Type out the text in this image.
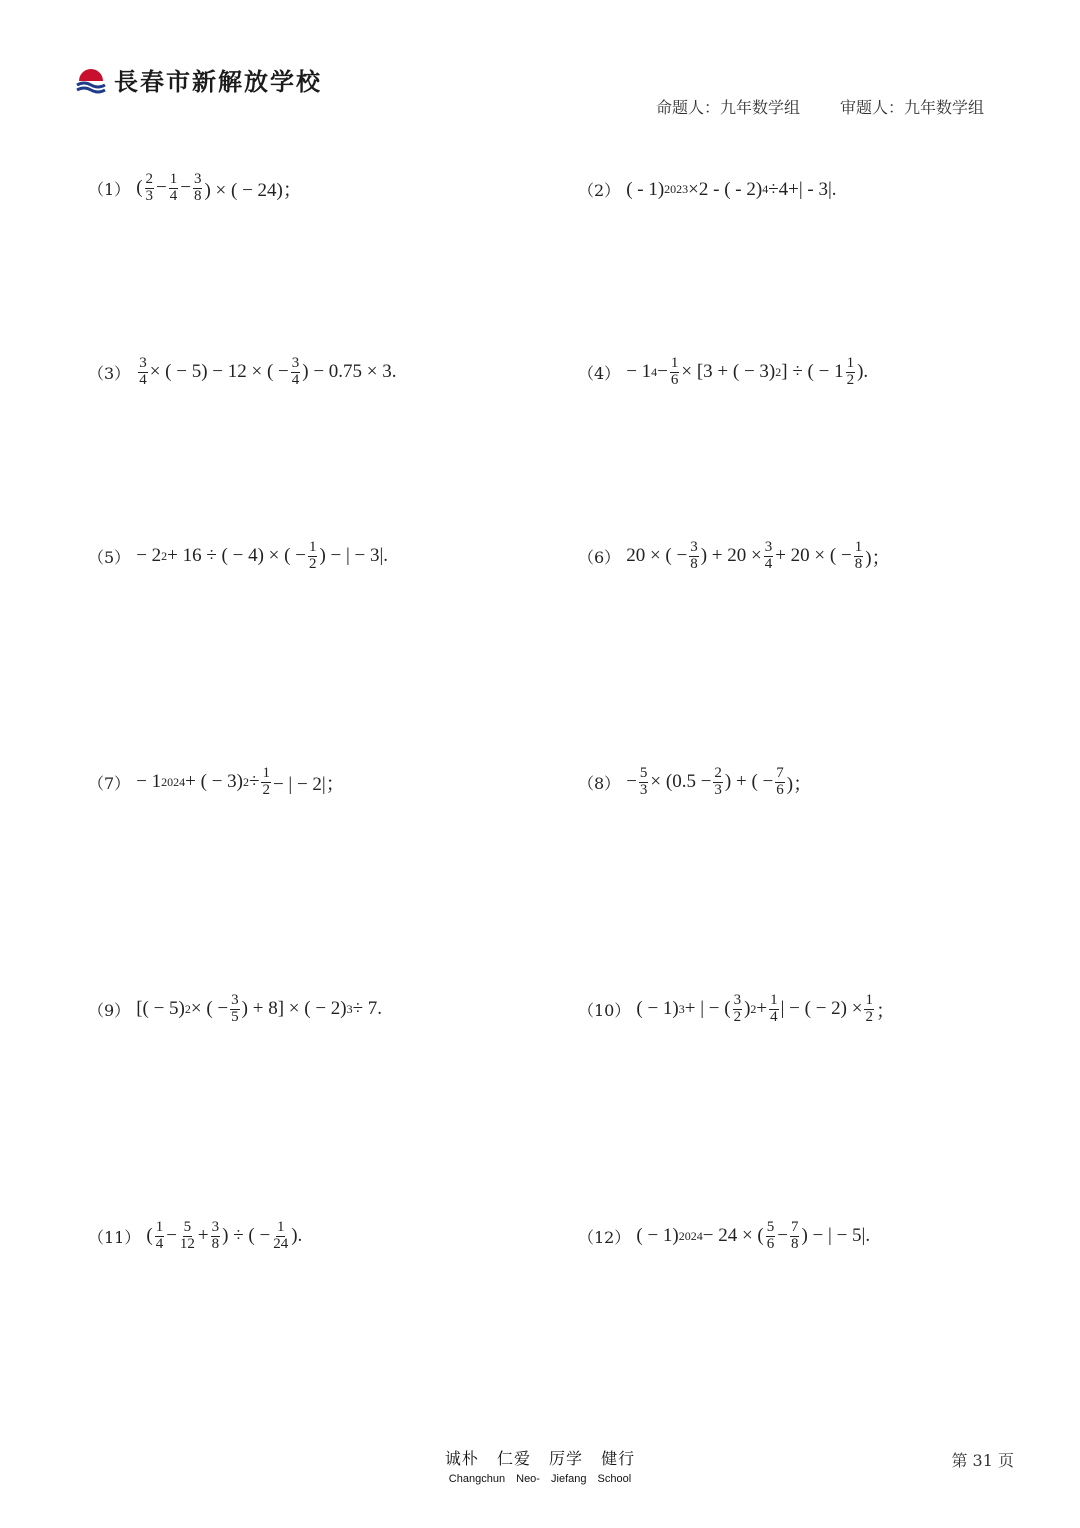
長春市新解放学校
命题人：九年数学组	审题人：九年数学组
（1） ( $\frac{2}{3} - \frac{1}{4} - \frac{3}{8}$ ) × ( − 24)；	（2） ( - 1) 2023 ×2 - ( - 2) 4 ÷4+| - 3|.
$(3) \frac{3}{4}$ × ( − 5) − 12 × ( − $\frac{3}{4}$ ) − 0.75 × 3.	（4） − 1 $4 - \frac{1}{6} \times [3$ + ( − 3) 2 ] ÷ ( − $1 \frac{1}{2}$ ).
（5） − 2 2 + 16 ÷ ( − 4) × ( − $\frac{1}{2}$ ) − | − 3|.	（6） 20 × ( − $\frac{3}{8}$ ) + $20 \times \frac{3}{4} + 20$ × ( − $\frac{1}{8}$ )；
（7） − 1 2024 + ( − 3) $2 \div \frac{1}{2}$ − | − 2|；	$(8) - \frac{5}{3} \times (0.5 - \frac{2}{3}$ ) + ( − $\frac{7}{6}$ )；
（9） [( − 5) 2 × ( − $\frac{3}{5}$ ) + 8] × ( − 2) 3 ÷ 7.	（10） ( − 1) 3 + | − ( $\frac{3}{2}$ ) $2 + \frac{1}{4}$ | − ( − $2) \times \frac{1}{2}$ ；
（11） ( $\frac{1}{4} - \frac{5}{12} + \frac{3}{8}$ ) ÷ ( − $\frac{1}{24}$ ).	（12） ( − 1) 2024 − 24 × ( $\frac{5}{6} - \frac{7}{8}$ ) − | − 5|.
诚朴 仁爱 厉学 健行
Changchun Neo- Jiefang School
第 31 页
